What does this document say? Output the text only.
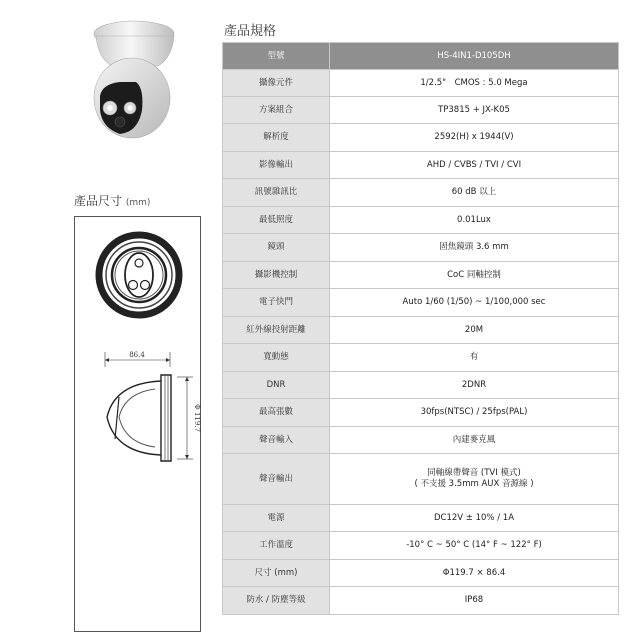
產品規格
產品尺寸 (mm)
86.4
Φ 119.7
型號	HS-4IN1-D105DH
攝像元件	1/2.5"　CMOS : 5.0 Mega
方案組合	TP3815 + JX-K05
解析度	2592(H) x 1944(V)
影像輸出	AHD / CVBS / TVI / CVI
訊號雜訊比	60 dB 以上
最低照度	0.01Lux
鏡頭	固焦鏡頭 3.6 mm
攝影機控制	CoC 同軸控制
電子快門	Auto 1/60 (1/50) ~ 1/100,000 sec
紅外線投射距離	20M
寬動態	有
DNR	2DNR
最高張數	30fps(NTSC) / 25fps(PAL)
聲音輸入	內建麥克風
聲音輸出	同軸線帶聲音 (TVI 模式)
( 不支援 3.5mm AUX 音源線 )

電源	DC12V ± 10% / 1A
工作溫度	-10° C ~ 50° C (14° F ~ 122° F)
尺寸 (mm)	Φ119.7 × 86.4
防水 / 防塵等級	IP68
